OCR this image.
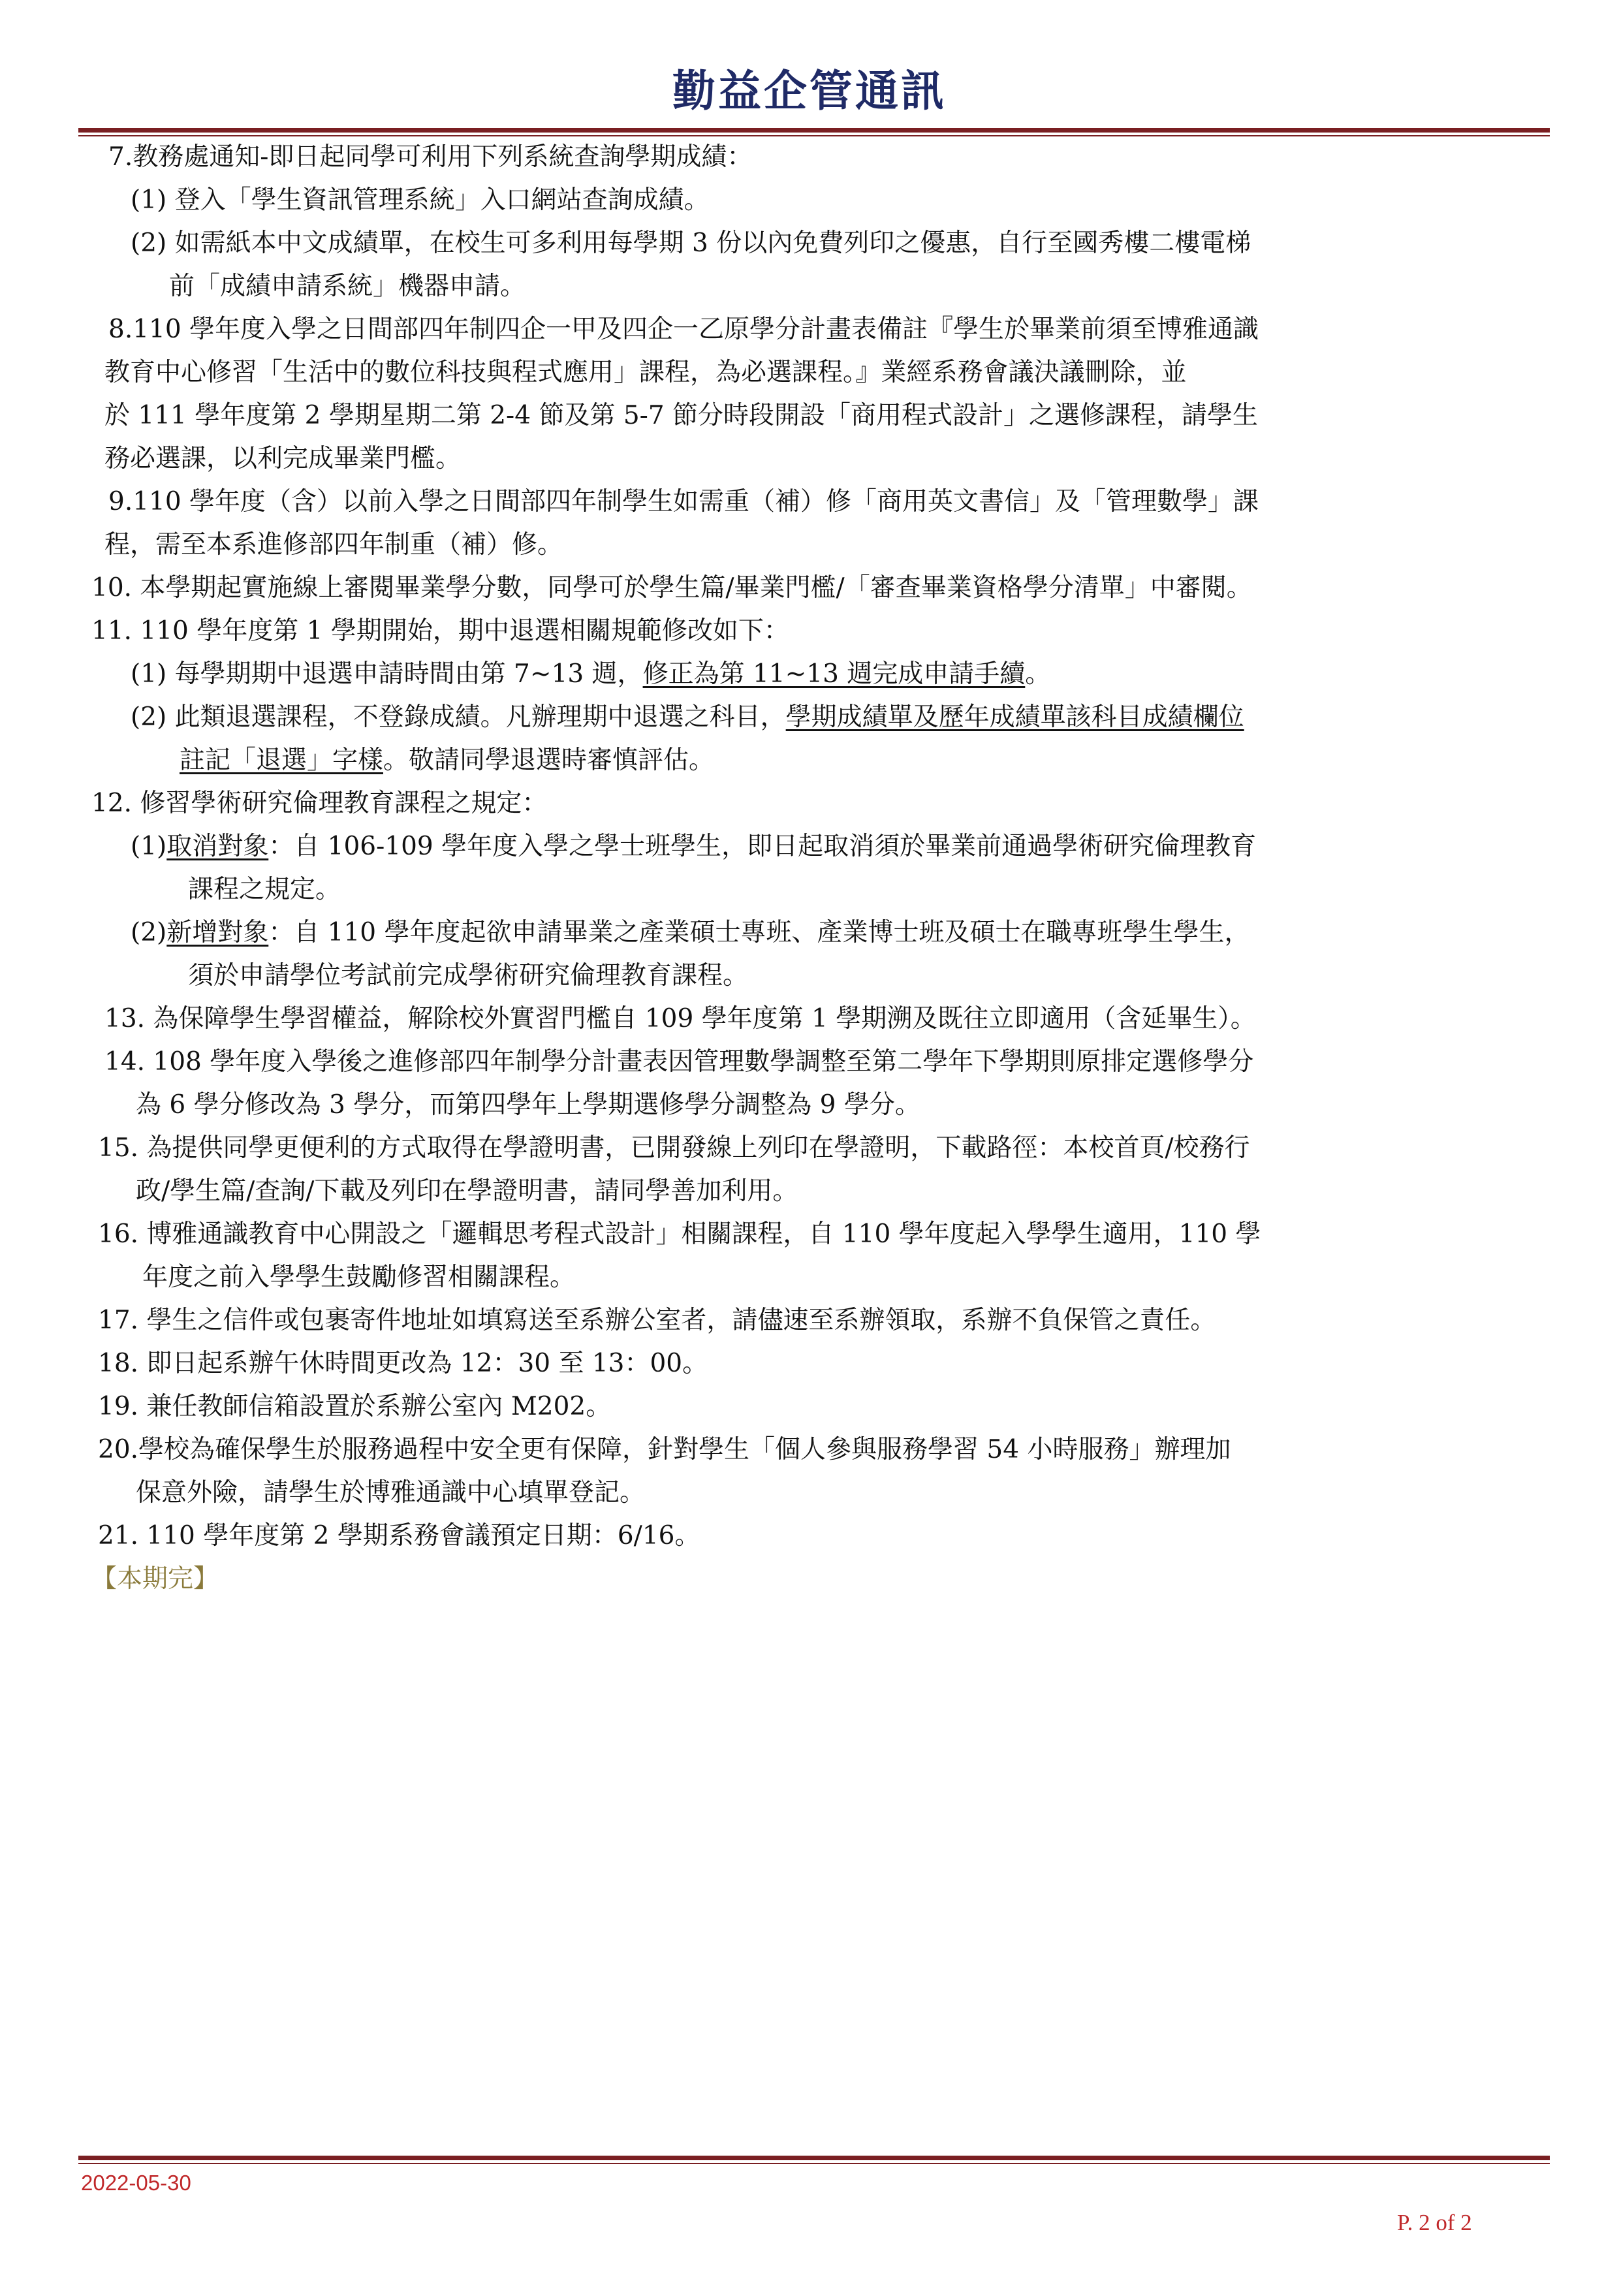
勤益企管通訊
7.教務處通知-即日起同學可利用下列系統查詢學期成績：
(1) 登入「學生資訊管理系統」入口網站查詢成績。
(2) 如需紙本中文成績單，在校生可多利用每學期 3 份以內免費列印之優惠，自行至國秀樓二樓電梯
　前「成績申請系統」機器申請。
8.110 學年度入學之日間部四年制四企一甲及四企一乙原學分計畫表備註『學生於畢業前須至博雅通識
教育中心修習「生活中的數位科技與程式應用」課程，為必選課程。』業經系務會議決議刪除，並
於 111 學年度第 2 學期星期二第 2-4 節及第 5-7 節分時段開設「商用程式設計」之選修課程，請學生
務必選課，以利完成畢業門檻。
9.110 學年度（含）以前入學之日間部四年制學生如需重（補）修「商用英文書信」及「管理數學」課
程，需至本系進修部四年制重（補）修。
10. 本學期起實施線上審閱畢業學分數，同學可於學生篇/畢業門檻/「審查畢業資格學分清單」中審閱。
11. 110 學年度第 1 學期開始，期中退選相關規範修改如下：
(1) 每學期期中退選申請時間由第 7~13 週，修正為第 11~13 週完成申請手續。
(2) 此類退選課程，不登錄成績。凡辦理期中退選之科目，學期成績單及歷年成績單該科目成績欄位
註記「退選」字樣。敬請同學退選時審慎評估。
12. 修習學術研究倫理教育課程之規定：
(1)取消對象：自 106-109 學年度入學之學士班學生，即日起取消須於畢業前通過學術研究倫理教育
課程之規定。
(2)新增對象：自 110 學年度起欲申請畢業之產業碩士專班、產業博士班及碩士在職專班學生學生，
須於申請學位考試前完成學術研究倫理教育課程。
13. 為保障學生學習權益，解除校外實習門檻自 109 學年度第 1 學期溯及既往立即適用（含延畢生）。
14. 108 學年度入學後之進修部四年制學分計畫表因管理數學調整至第二學年下學期則原排定選修學分
為 6 學分修改為 3 學分，而第四學年上學期選修學分調整為 9 學分。
15. 為提供同學更便利的方式取得在學證明書，已開發線上列印在學證明，下載路徑：本校首頁/校務行
政/學生篇/查詢/下載及列印在學證明書，請同學善加利用。
16. 博雅通識教育中心開設之「邏輯思考程式設計」相關課程，自 110 學年度起入學學生適用，110 學
年度之前入學學生鼓勵修習相關課程。
17. 學生之信件或包裹寄件地址如填寫送至系辦公室者，請儘速至系辦領取，系辦不負保管之責任。
18. 即日起系辦午休時間更改為 12：30 至 13：00。
19. 兼任教師信箱設置於系辦公室內 M202。
20.學校為確保學生於服務過程中安全更有保障，針對學生「個人參與服務學習 54 小時服務」辦理加
保意外險，請學生於博雅通識中心填單登記。
21. 110 學年度第 2 學期系務會議預定日期：6/16。
【本期完】
2022-05-30
P. 2 of 2
